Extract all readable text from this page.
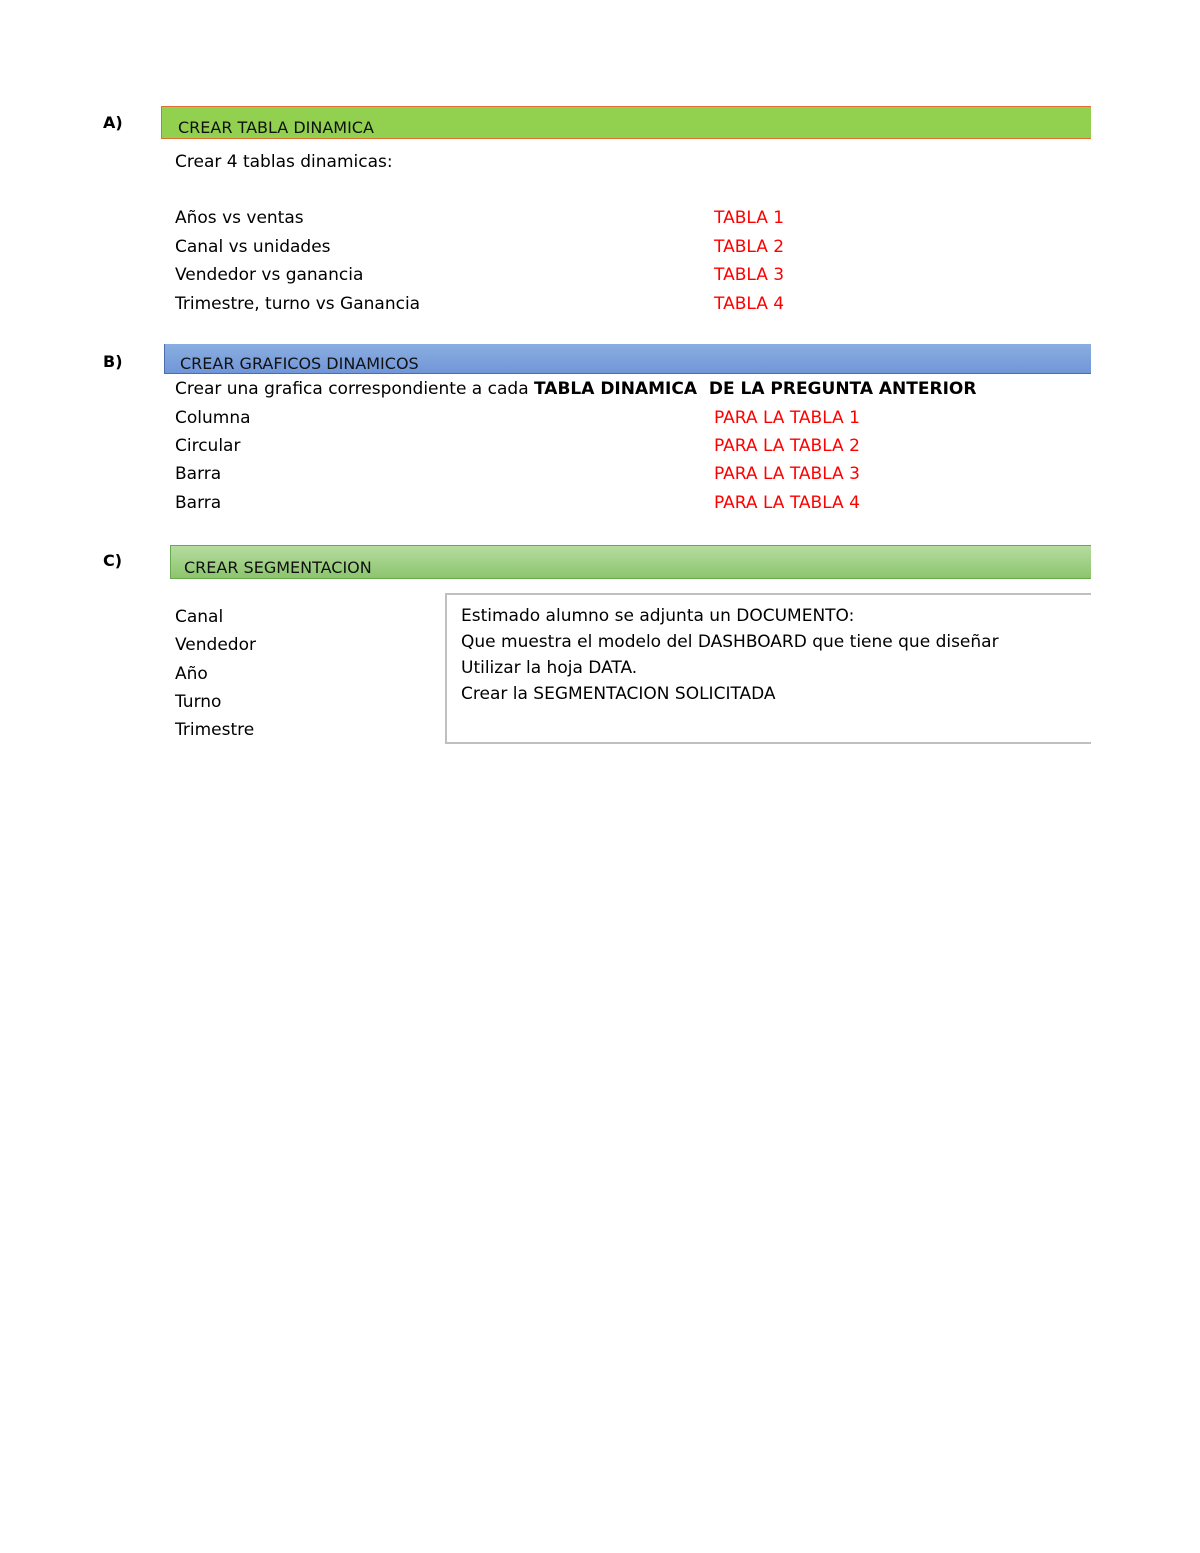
A)	CREAR TABLA DINAMICA
Crear 4 tablas dinamicas:
Años vs ventas	TABLA 1
Canal vs unidades	TABLA 2
Vendedor vs ganancia	TABLA 3
Trimestre, turno vs Ganancia	TABLA 4
B)	CREAR GRAFICOS DINAMICOS
Crear una grafica correspondiente a cada TABLA DINAMICA  DE LA PREGUNTA ANTERIOR
Columna	PARA LA TABLA 1
Circular	PARA LA TABLA 2
Barra	PARA LA TABLA 3
Barra	PARA LA TABLA 4
C)	CREAR SEGMENTACION
Canal
Vendedor
Año
Turno
Trimestre
Estimado alumno se adjunta un DOCUMENTO:
Que muestra el modelo del DASHBOARD que tiene que diseñar
Utilizar la hoja DATA.
Crear la SEGMENTACION SOLICITADA
